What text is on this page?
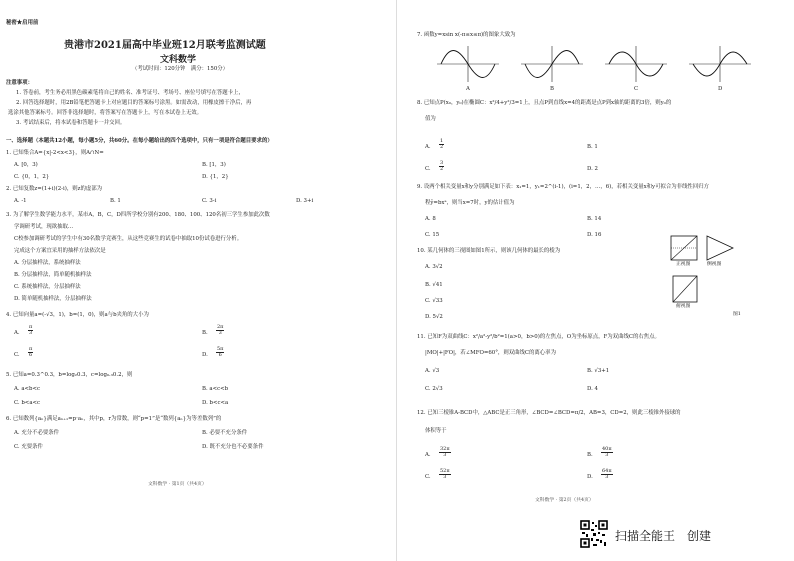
秘密★启用前
贵港市2021届高中毕业班12月联考监测试题
文科数学
（考试时间：120分钟　满分：150分）
注意事项：
1. 答卷前，考生务必用黑色碳素笔将自己的姓名、准考证号、考场号、座位号填写在答题卡上，
2. 回答选择题时，用2B铅笔把答题卡上对应题目的答案标号涂黑。如需改动，用橡皮擦干净后，再
选涂其他答案标号。回答非选择题时，将答案写在答题卡上，写在本试卷上无效。
3. 考试结束后，将本试卷和答题卡一并交回。
一、选择题（本题共12小题，每小题5分，共60分。在每小题给出的四个选项中，只有一项是符合题目要求的）
1. 已知集合A={x|-2<x<3}，则A∩N=
A. [0，3)	B. [1，3)
C. {0，1，2}	D. {1，2}
2. 已知复数z=(1+i)(2-i)，则z的虚部为
A. -1	B. 1	C. 3-i	D. 3+i
3. 为了解学生数学能力水平，某市A，B，C，D四所学校分别有200、180、100、120名初三学生参加此次数
学调研考试，现欲抽取...
C校参加调研考试的学生中有30名数学竞赛生，从这些竞赛生的试卷中抽取10份试卷进行分析。
完成这个方案宜采用的抽样方法依次是
A. 分层抽样法，系统抽样法
B. 分层抽样法，简单随机抽样法
C. 系统抽样法，分层抽样法
D. 简单随机抽样法，分层抽样法
4. 已知向量a=(-√3，1)，b=(1，0)，则a与b夹角的大小为
A. $\frac{\pi}{3}$	B. $\frac{2\pi}{3}$
C. $\frac{\pi}{6}$	D. $\frac{5\pi}{6}$
5. 已知a=0.3^0.3，b=log₂0.3，c=log₀.₃0.2，则
A. a<b<c	B. a<c<b
C. b<a<c	D. b<c<a
6. 已知数列{aₙ}满足aₙ₊₁=p·aₙ，其中p，r为常数，则“p=1”是“数列{aₙ}为等差数列”的
A. 充分不必要条件	B. 必要不充分条件
C. 充要条件	D. 既不充分也不必要条件
文科数学 · 第1页（共4页）
7. 函数y=xsin x(-π≤x≤π)的图象大致为
A	B	C	D
8. 已知点P(x₀，y₀)在椭圆C：x²/4+y²/3=1上，且点P到直线x=4的距离是点P到x轴的距离的3倍，则y₀的
值为
A. $\frac{1}{2}$	B. 1
C. $\frac{3}{2}$	D. 2
9. 设两个相关变量x和y分别满足如下表：x₁=1，y₁=2^(i-1)，(i=1，2，…，6)，若相关变量x和y可拟合为非线性回归方
程ŷ=bxᵃ，则当x=7时，y的估计值为
A. 8	B. 14
C. 15	D. 16
10. 某几何体的三视图如图1所示，则该几何体的最长的棱为
A. 3√2
B. √41
C. √33
D. 5√2
正视图	侧视图
俯视图
图1
11. 已知F为双曲线C：x²/a²-y²/b²=1(a>0，b>0)的左焦点，O为坐标原点，F为双曲线C的右焦点。
|MO|+|FO|，若∠MFO=60°，则双曲线C的离心率为
A. √3	B. √3+1
C. 2√3	D. 4
12. 已知三棱锥A-BCD中，△ABC是正三角形，∠BCD=∠BCD=π/2，AB=3，CD=2，则此三棱锥外接球的
体积等于
A. $\frac{32\pi}{3}$	B. $\frac{40\pi}{3}$
C. $\frac{52\pi}{3}$	D. $\frac{64\pi}{3}$
文科数学 · 第2页（共4页）
扫描全能王　创建
